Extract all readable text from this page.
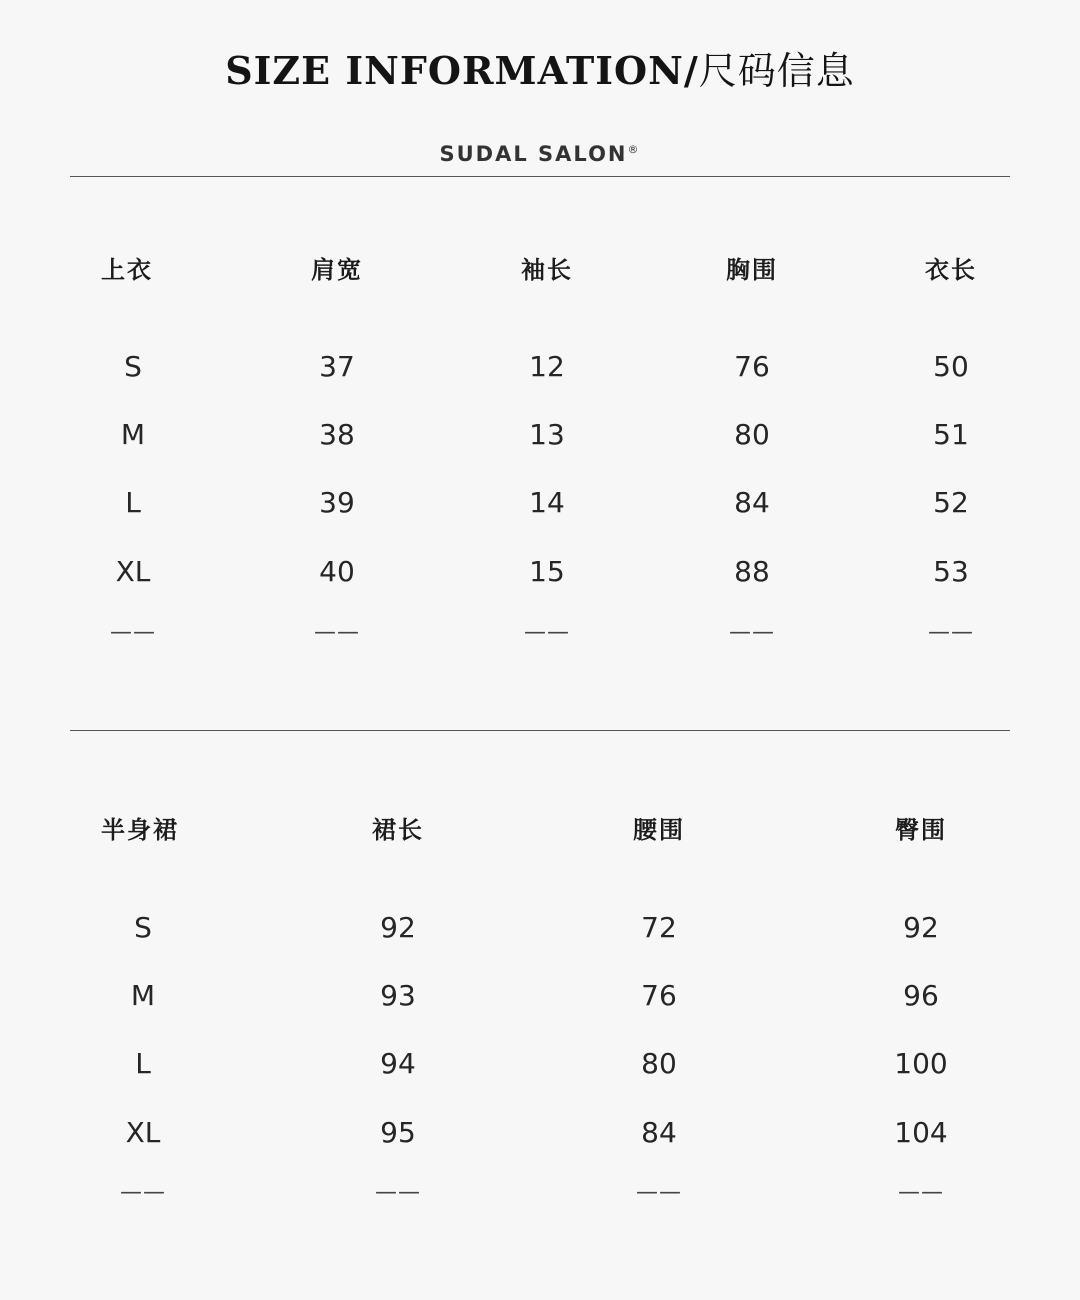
SIZE INFORMATION/尺码信息
SUDAL SALON®
上衣	肩宽	袖长	胸围	衣长
S	37	12	76	50
M	38	13	80	51
L	39	14	84	52
XL	40	15	88	53
——	——	——	——	——
半身裙	裙长	腰围	臀围
S	92	72	92
M	93	76	96
L	94	80	100
XL	95	84	104
——	——	——	——
